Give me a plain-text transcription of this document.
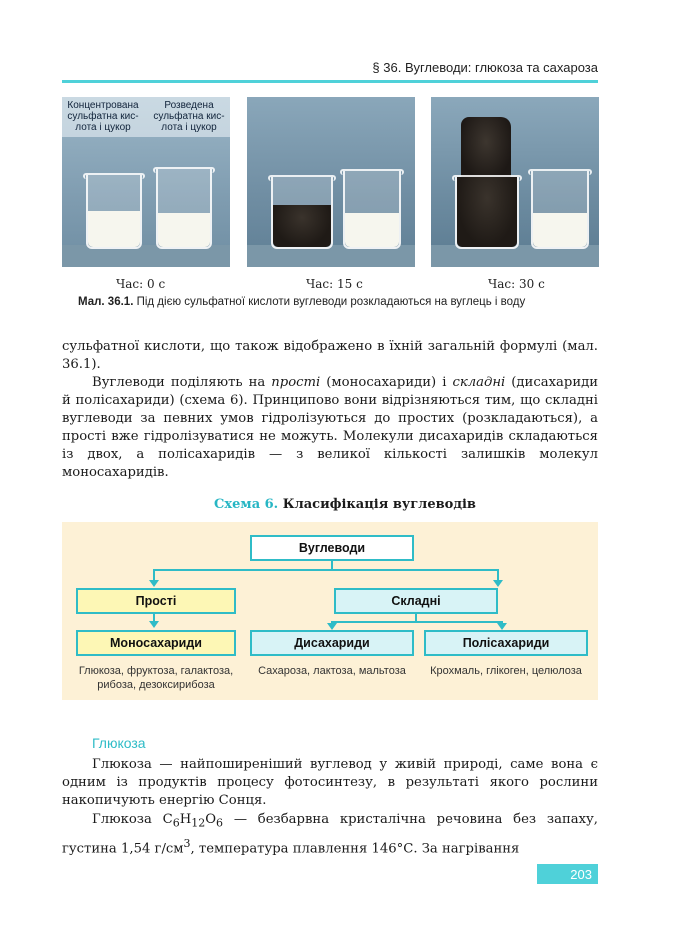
§ 36. Вуглеводи: глюкоза та сахароза
Концентрована сульфатна кис-лота і цукор
Розведена сульфатна кис-лота і цукор
Час: 0 с	Час: 15 с	Час: 30 с
Мал. 36.1. Під дією сульфатної кислоти вуглеводи розкладаються на вуглець і воду
сульфатної кислоти, що також відображено в їхній загальній формулі (мал. 36.1).
Вуглеводи поділяють на прості (моносахариди) і складні (дисахариди й полісахариди) (схема 6). Принципово вони відрізняються тим, що складні вуглеводи за певних умов гідролізуються до простих (розкладаються), а прості вже гідролізуватися не можуть. Молекули дисахаридів складаються із двох, а полісахаридів — з великої кількості залишків молекул моносахаридів.
Схема 6. Класифікація вуглеводів
Вуглеводи
Прості	Складні
Моносахариди	Дисахариди	Полісахариди
Глюкоза, фруктоза, галактоза,
рибоза, дезоксирибоза
Сахароза, лактоза, мальтоза	Крохмаль, глікоген, целюлоза
Глюкоза
Глюкоза — найпоширеніший вуглевод у живій природі, саме вона є одним із продуктів процесу фотосинтезу, в результаті якого рослини накопичують енергію Сонця.
Глюкоза $C_6H_{12}O_6$ — безбарвна кристалічна речовина без запаху, густина 1,54 $г/см^3$, температура плавлення 146°С. За нагрівання
203
